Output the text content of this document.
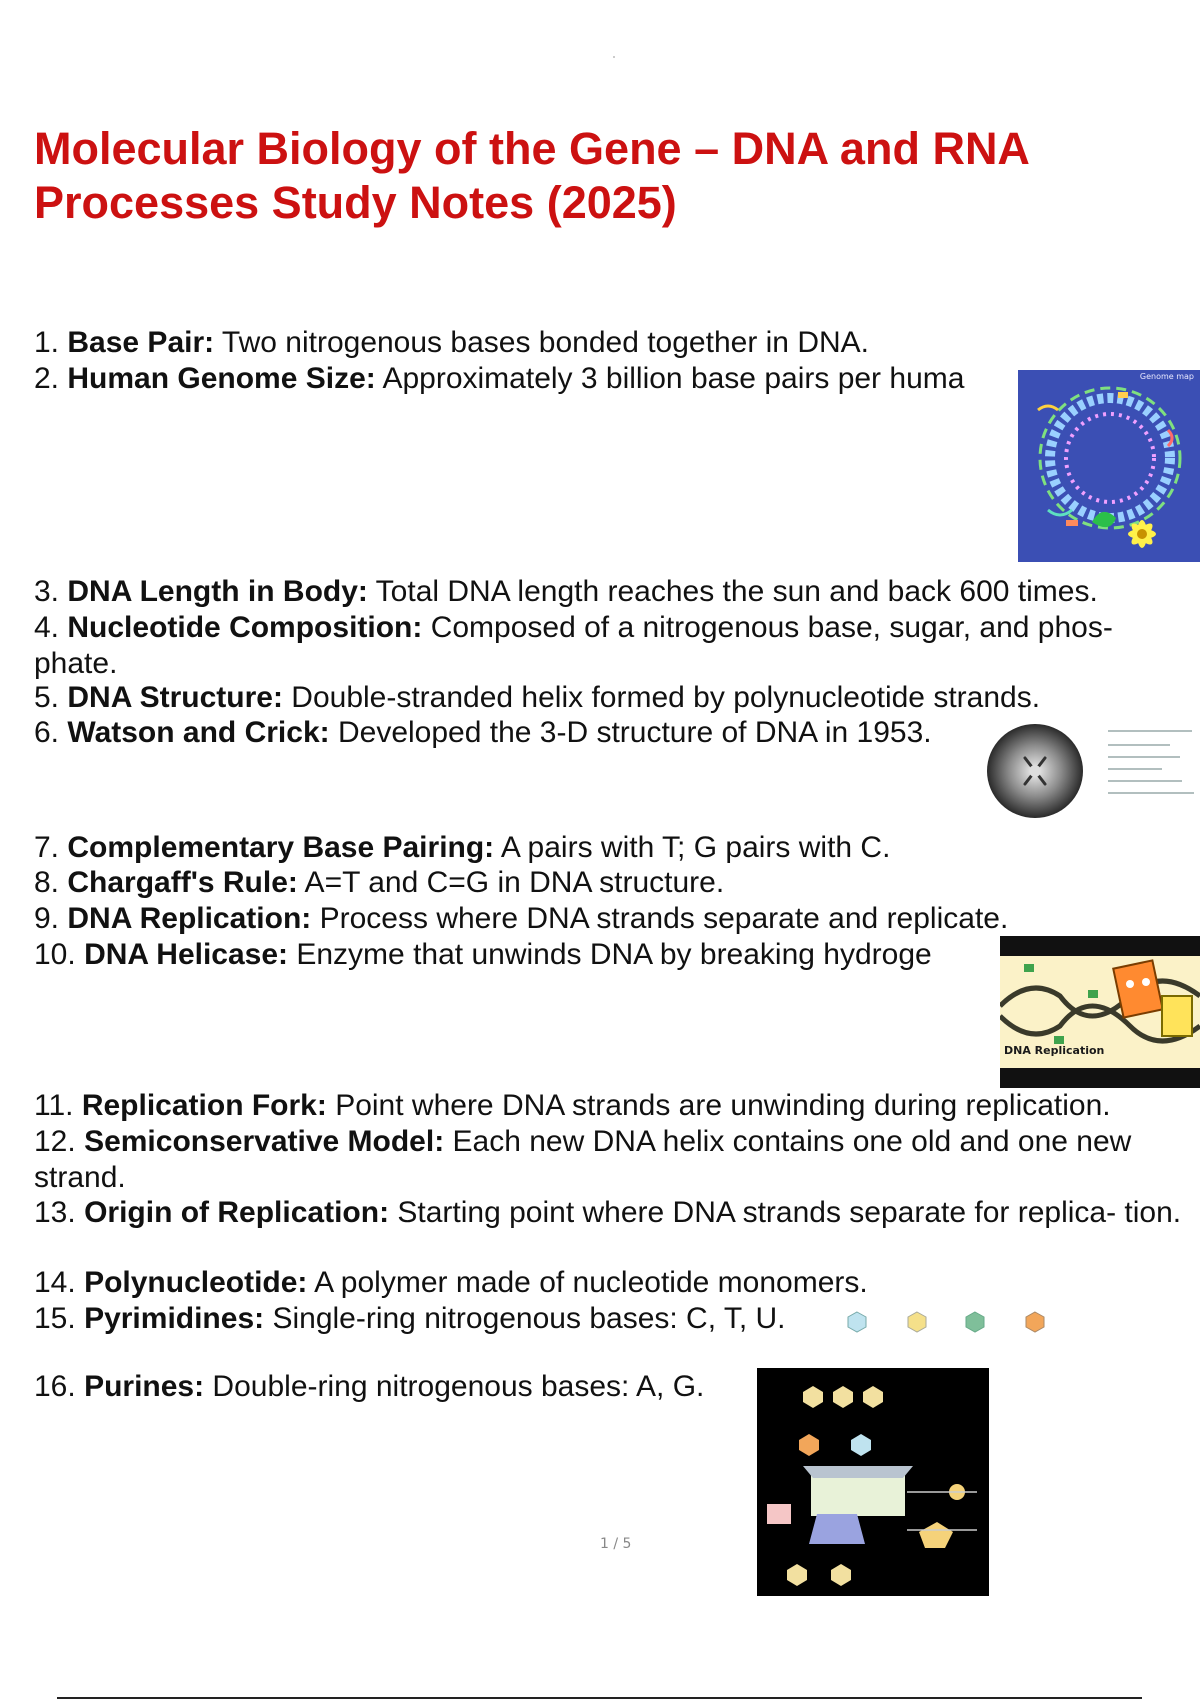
Molecular Biology of the Gene – DNA and RNA
Processes Study Notes (2025)

1. Base Pair: Two nitrogenous bases bonded together in DNA.

2. Human Genome Size: Approximately 3 billion base pairs per huma

3. DNA Length in Body: Total DNA length reaches the sun and back 600 times.

4. Nucleotide Composition: Composed of a nitrogenous base, sugar, and phos- phate.

5. DNA Structure: Double-stranded helix formed by polynucleotide strands.

6. Watson and Crick: Developed the 3-D structure of DNA in 1953.

7. Complementary Base Pairing: A pairs with T; G pairs with C.

8. Chargaff's Rule: A=T and C=G in DNA structure.

9. DNA Replication: Process where DNA strands separate and replicate.

10. DNA Helicase: Enzyme that unwinds DNA by breaking hydroge

11. Replication Fork: Point where DNA strands are unwinding during replication.

12. Semiconservative Model: Each new DNA helix contains one old and one new strand.

13. Origin of Replication: Starting point where DNA strands separate for replica- tion.

14. Polynucleotide: A polymer made of nucleotide monomers.

15. Pyrimidines: Single-ring nitrogenous bases: C, T, U.

16. Purines: Double-ring nitrogenous bases: A, G.

Genome map
DNA Replication
1 / 5
